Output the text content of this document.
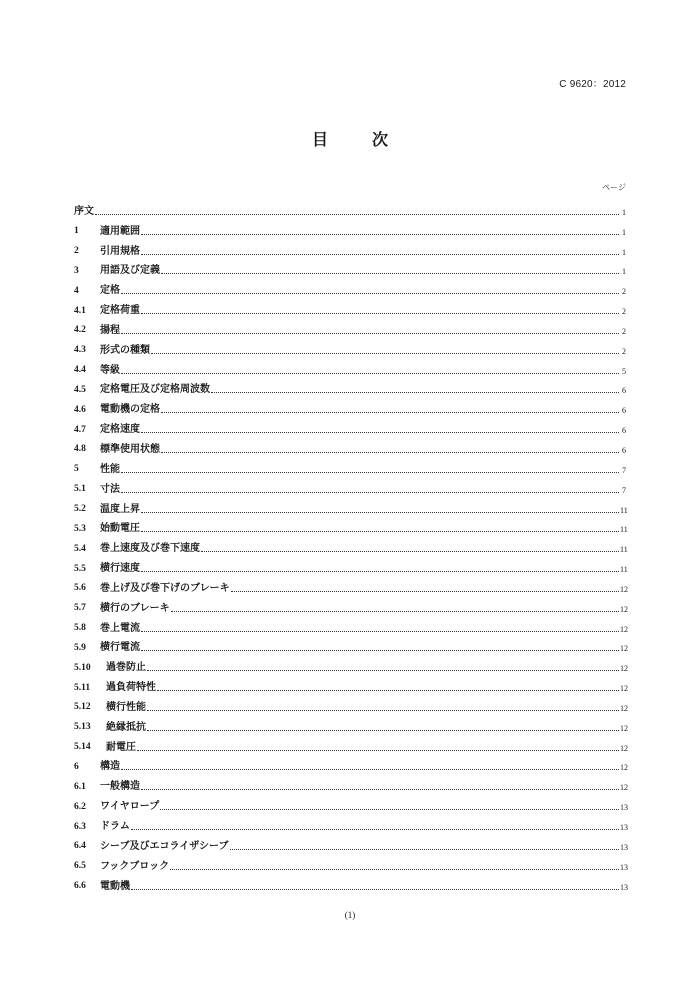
C 9620：2012
目　次
ページ
序文	1
1	適用範囲	1
2	引用規格	1
3	用語及び定義	1
4	定格	2
4.1	定格荷重	2
4.2	揚程	2
4.3	形式の種類	2
4.4	等級	5
4.5	定格電圧及び定格周波数	6
4.6	電動機の定格	6
4.7	定格速度	6
4.8	標準使用状態	6
5	性能	7
5.1	寸法	7
5.2	温度上昇	11
5.3	始動電圧	11
5.4	巻上速度及び巻下速度	11
5.5	横行速度	11
5.6	巻上げ及び巻下げのブレーキ	12
5.7	横行のブレーキ	12
5.8	巻上電流	12
5.9	横行電流	12
5.10	過巻防止	12
5.11	過負荷特性	12
5.12	横行性能	12
5.13	絶縁抵抗	12
5.14	耐電圧	12
6	構造	12
6.1	一般構造	12
6.2	ワイヤロープ	13
6.3	ドラム	13
6.4	シーブ及びエコライザシーブ	13
6.5	フックブロック	13
6.6	電動機	13
(1)
